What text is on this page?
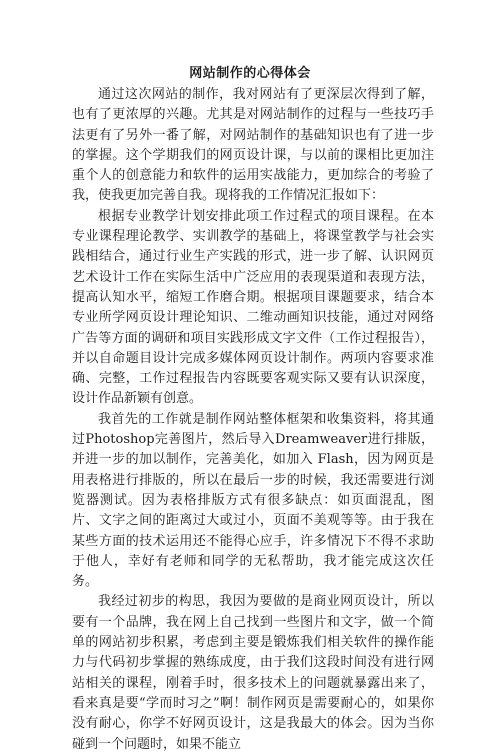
网站制作的心得体会

通过这次网站的制作，我对网站有了更深层次得到了解，也有了更浓厚的兴趣。尤其是对网站制作的过程与一些技巧手法更有了另外一番了解，对网站制作的基础知识也有了进一步的掌握。这个学期我们的网页设计课，与以前的课相比更加注重个人的创意能力和软件的运用实战能力，更加综合的考验了我，使我更加完善自我。现将我的工作情况汇报如下：

根据专业教学计划安排此项工作过程式的项目课程。在本专业课程理论教学、实训教学的基础上，将课堂教学与社会实践相结合，通过行业生产实践的形式，进一步了解、认识网页艺术设计工作在实际生活中广泛应用的表现渠道和表现方法，提高认知水平，缩短工作磨合期。根据项目课题要求，结合本专业所学网页设计理论知识、二维动画知识技能，通过对网络广告等方面的调研和项目实践形成文字文件（工作过程报告），并以自命题目设计完成多媒体网页设计制作。两项内容要求准确、完整，工作过程报告内容既要客观实际又要有认识深度，设计作品新颖有创意。

我首先的工作就是制作网站整体框架和收集资料，将其通过Photoshop完善图片，然后导入Dreamweaver进行排版，并进一步的加以制作，完善美化，如加入 Flash，因为网页是用表格进行排版的，所以在最后一步的时候，我还需要进行浏览器测试。因为表格排版方式有很多缺点：如页面混乱，图片、文字之间的距离过大或过小，页面不美观等等。由于我在某些方面的技术运用还不能得心应手，许多情况下不得不求助于他人，幸好有老师和同学的无私帮助，我才能完成这次任务。

我经过初步的构思，我因为要做的是商业网页设计，所以要有一个品牌，我在网上自己找到一些图片和文字，做一个简单的网站初步积累，考虑到主要是锻炼我们相关软件的操作能力与代码初步掌握的熟练成度，由于我们这段时间没有进行网站相关的课程，刚着手时，很多技术上的问题就暴露出来了，看来真是要“学而时习之”啊！制作网页是需要耐心的，如果你没有耐心，你学不好网页设计，这是我最大的体会。因为当你碰到一个问题时，如果不能立
